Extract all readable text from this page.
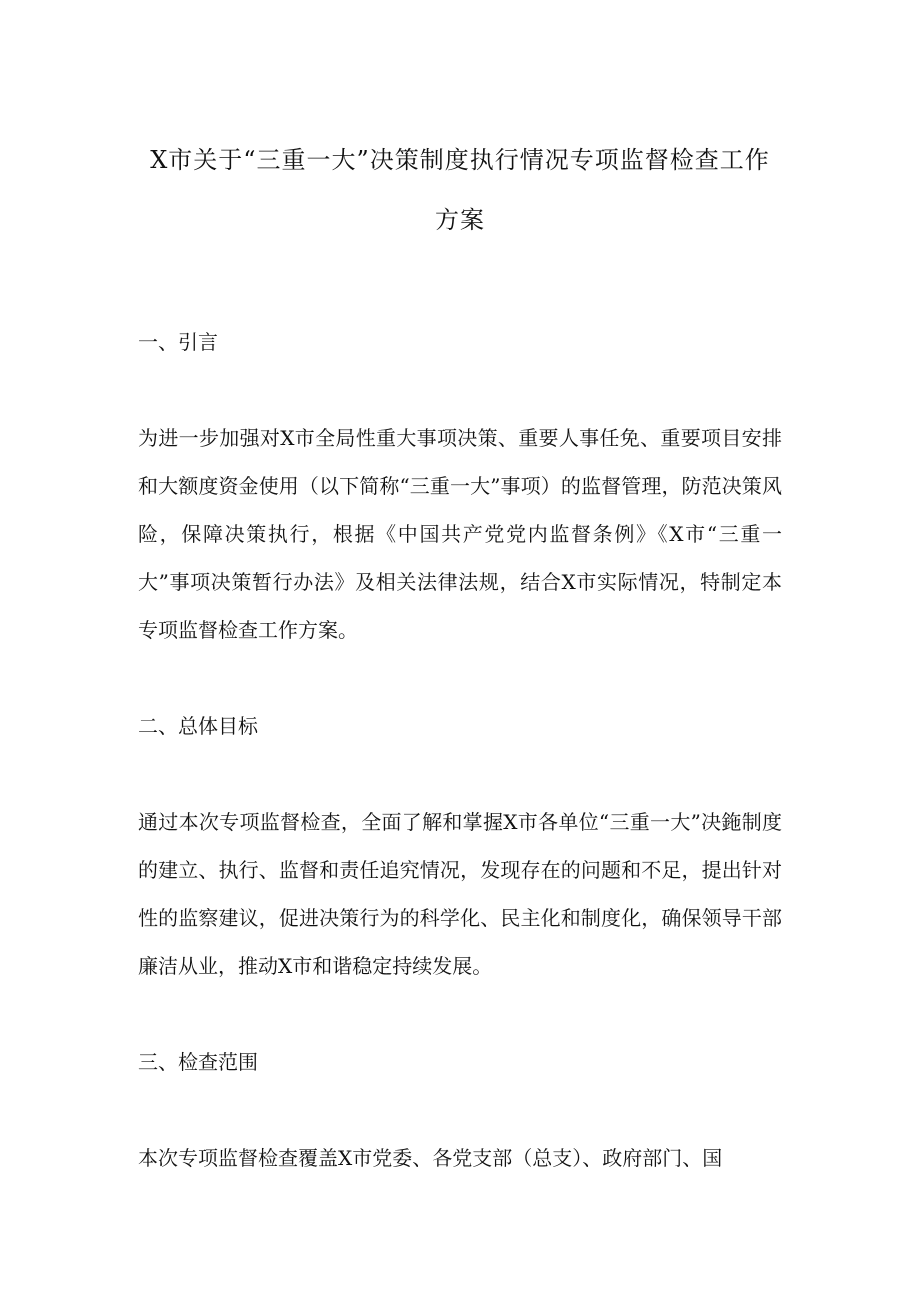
X市关于“三重一大”决策制度执行情况专项监督检查工作
方案
一、引言
为进一步加强对X市全局性重大事项决策、重要人事任免、重要项目安排和大额度资金使用（以下简称“三重一大”事项）的监督管理，防范决策风险，保障决策执行，根据《中国共产党党内监督条例》《X市“三重一大”事项决策暂行办法》及相关法律法规，结合X市实际情况，特制定本专项监督检查工作方案。
二、总体目标
通过本次专项监督检查，全面了解和掌握X市各单位“三重一大”决鉇制度的建立、执行、监督和责任追究情况，发现存在的问题和不足，提出针对性的监察建议，促进决策行为的科学化、民主化和制度化，确保领导干部廉洁从业，推动X市和谐稳定持续发展。
三、检查范围
本次专项监督检查覆盖X市党委、各党支部（总支）、政府部门、国
